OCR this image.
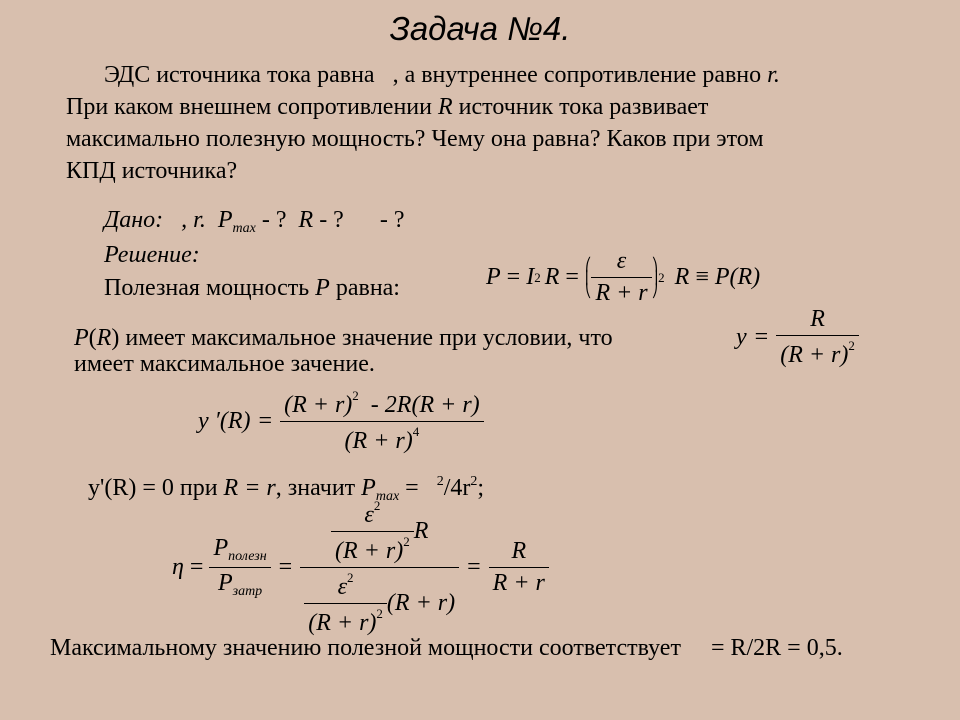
Задача №4.
ЭДС источника тока равна , а внутреннее сопротивление равно r.
При каком внешнем сопротивлении R источник тока развивает
максимально полезную мощность? Чему она равна? Каков при этом
КПД источника?
Дано: , r. $P_{max}$ - ? R - ? - ?
Решение:
Полезная мощность P равна:	P = I 2 R = ⎛
⎜
⎝ $\frac{\varepsilon}{R + r}$ ⎞
⎟
⎠
2 R ≡ P(R)
P(R) имеет максимальное значение при условии, что
имеет максимальное зачение.
$y = \frac{R}{(R + r)^2}$
y $'(R) = \frac{(R + r)^2 - 2R(R + r)}{(R + r)^4}$
y'(R) = 0 при R = r, значит $P_{max} = ^2/4r^2$;
$\eta = \frac{P_{полезн}}{P_{затр}} = \frac{\frac{\varepsilon^2}{(R + r)^2} R}{\frac{\varepsilon^2}{(R + r)^2} (R + r)} = \frac{R}{R + r}$
Максимальному значению полезной мощности соответствует = R/2R = 0,5.
